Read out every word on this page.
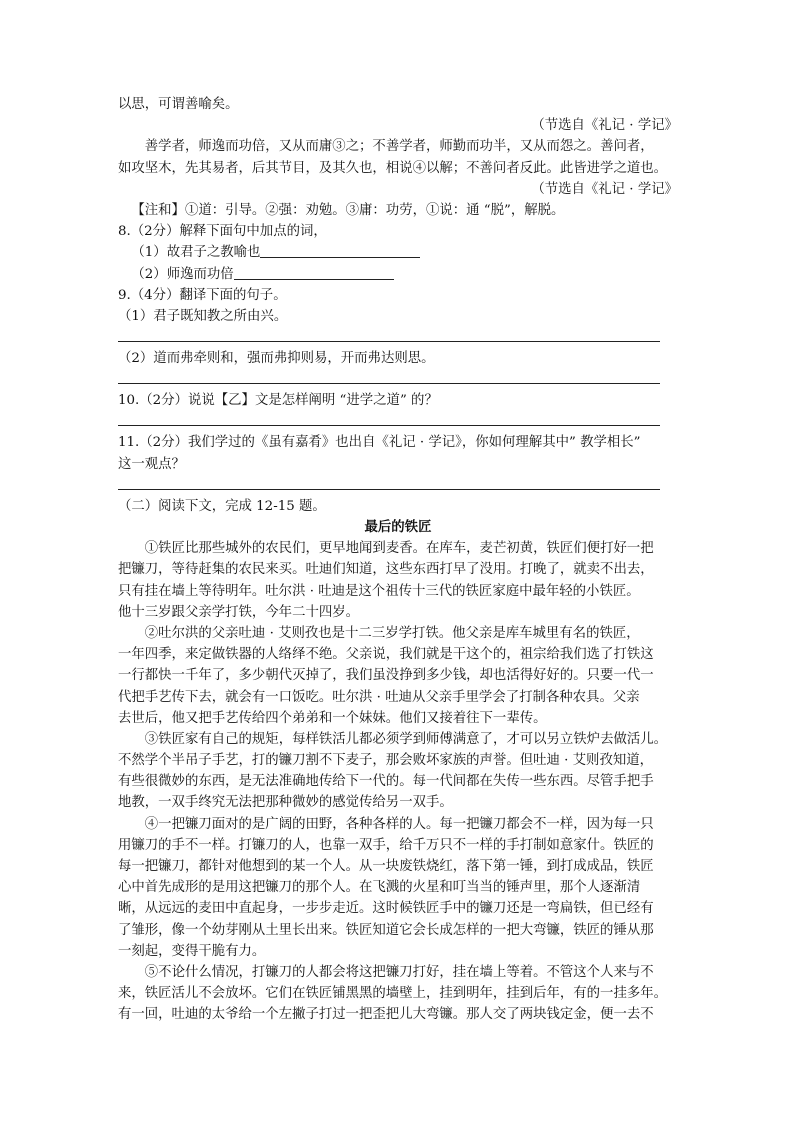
以思，可谓善喻矣。
（节选自《礼记 · 学记》
善学者，师逸而功倍，又从而庸③之；不善学者，师勤而功半，又从而怨之。善问者，
如攻坚木，先其易者，后其节目，及其久也，相说④以解；不善问者反此。此皆进学之道也。
（节选自《礼记 · 学记》
【注和】①道：引导。②强：劝勉。③庸：功劳，①说：通 “脱”，解脱。
8.（2分）解释下面句中加点的词，
（1）故君子之教喻也
（2）师逸而功倍
9.（4分）翻译下面的句子。
（1）君子既知教之所由兴。
（2）道而弗牵则和，强而弗抑则易，开而弗达则思。
10.（2分）说说【乙】文是怎样阐明 “进学之道” 的？
11.（2分）我们学过的《虽有嘉肴》也出自《礼记 · 学记》，你如何理解其中” 教学相长”
这一观点？
（二）阅读下文，完成 12-15 题。
最后的铁匠
①铁匠比那些城外的农民们，更早地闻到麦香。在库车，麦芒初黄，铁匠们便打好一把
把镰刀，等待赶集的农民来买。吐迪们知道，这些东西打早了没用。打晚了，就卖不出去，
只有挂在墙上等待明年。吐尔洪 · 吐迪是这个祖传十三代的铁匠家庭中最年轻的小铁匠。
他十三岁跟父亲学打铁，今年二十四岁。
②吐尔洪的父亲吐迪 · 艾则孜也是十二三岁学打铁。他父亲是库车城里有名的铁匠，
一年四季，来定做铁器的人络绎不绝。父亲说，我们就是干这个的，祖宗给我们选了打铁这
一行都快一千年了，多少朝代灭掉了，我们虽没挣到多少钱，却也活得好好的。只要一代一
代把手艺传下去，就会有一口饭吃。吐尔洪 · 吐迪从父亲手里学会了打制各种农具。父亲
去世后，他又把手艺传给四个弟弟和一个妹妹。他们又接着往下一辈传。
③铁匠家有自己的规矩，每样铁活儿都必须学到师傅满意了，才可以另立铁炉去做活儿。
不然学个半吊子手艺，打的镰刀割不下麦子，那会败坏家族的声誉。但吐迪 · 艾则孜知道，
有些很微妙的东西，是无法准确地传给下一代的。每一代间都在失传一些东西。尽管手把手
地教，一双手终究无法把那种微妙的感觉传给另一双手。
④一把镰刀面对的是广阔的田野，各种各样的人。每一把镰刀都会不一样，因为每一只
用镰刀的手不一样。打镰刀的人，也靠一双手，给千万只不一样的手打制如意家什。铁匠的
每一把镰刀，都针对他想到的某一个人。从一块废铁烧红，落下第一锤，到打成成品，铁匠
心中首先成形的是用这把镰刀的那个人。在飞溅的火星和叮当当的锤声里，那个人逐渐清
晰，从远远的麦田中直起身，一步步走近。这时候铁匠手中的镰刀还是一弯扁铁，但已经有
了雏形，像一个幼芽刚从土里长出来。铁匠知道它会长成怎样的一把大弯镰，铁匠的锤从那
一刻起，变得干脆有力。
⑤不论什么情况，打镰刀的人都会将这把镰刀打好，挂在墙上等着。不管这个人来与不
来，铁匠活儿不会放坏。它们在铁匠铺黑黑的墙壁上，挂到明年，挂到后年，有的一挂多年。
有一回，吐迪的太爷给一个左撇子打过一把歪把儿大弯镰。那人交了两块钱定金，便一去不
